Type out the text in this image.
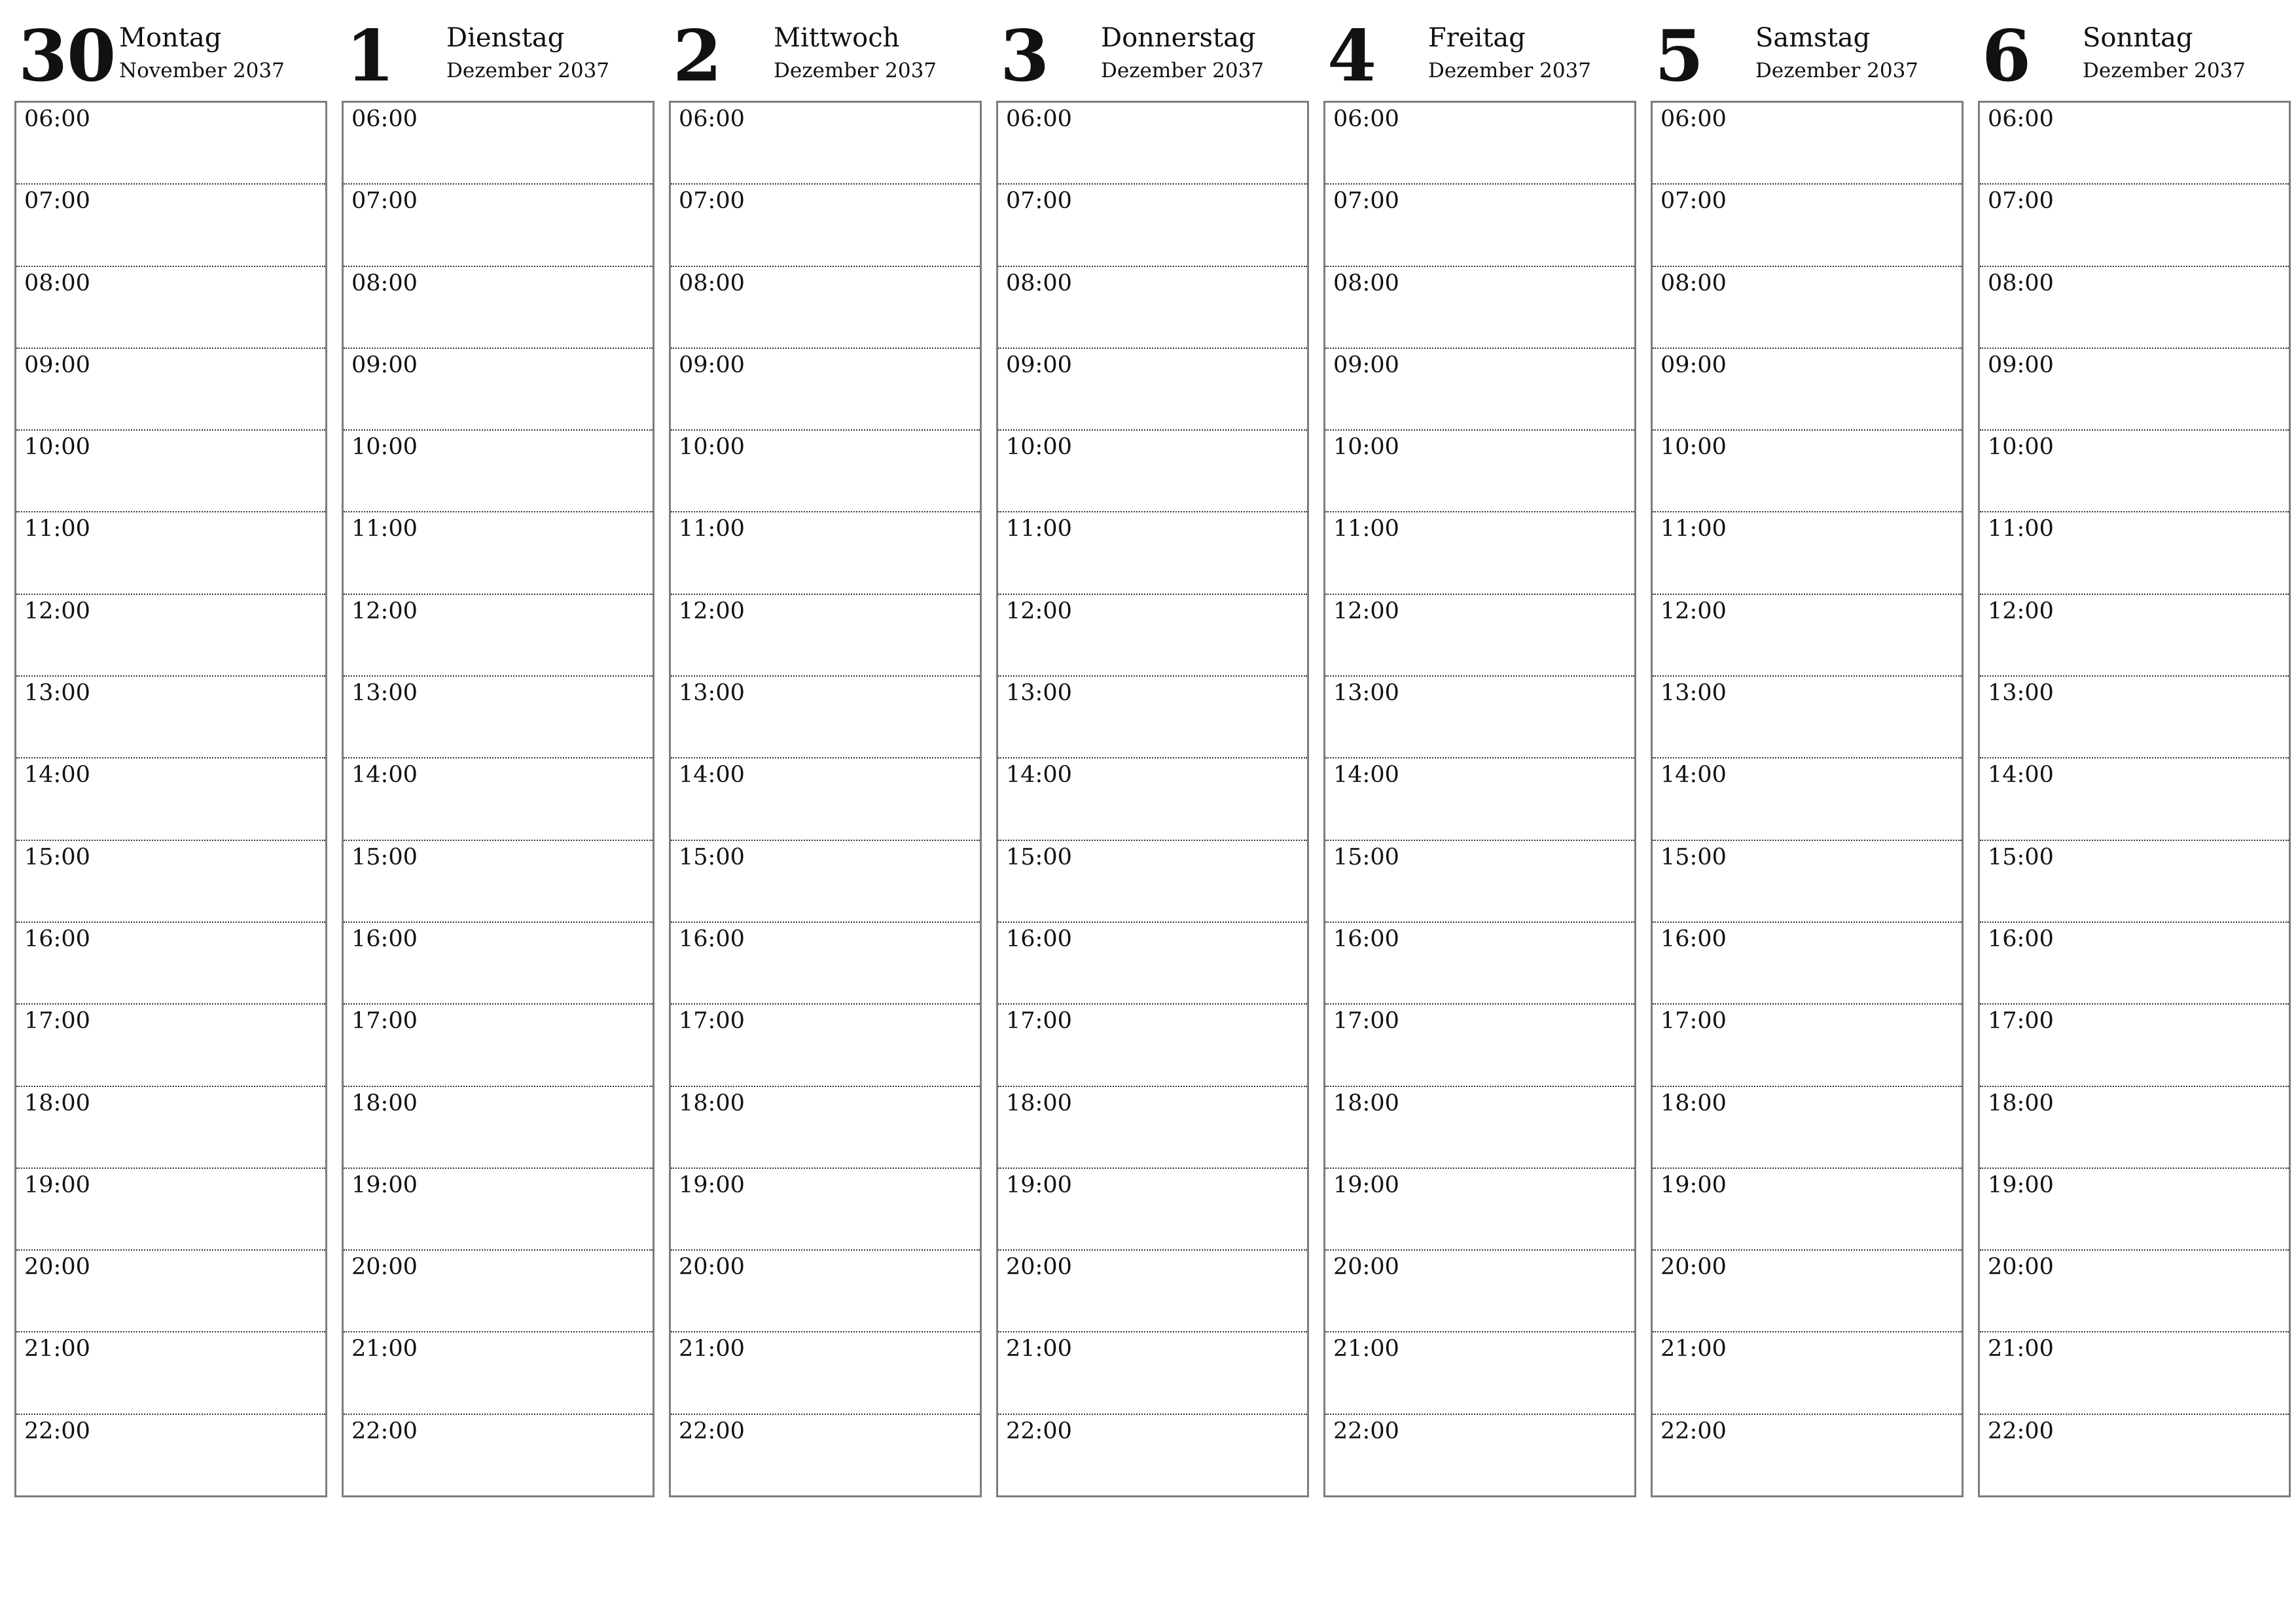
30 Montag
November 2037
06:00
07:00
08:00
09:00
10:00
11:00
12:00
13:00
14:00
15:00
16:00
17:00
18:00
19:00
20:00
21:00
22:00
1 Dienstag
Dezember 2037
06:00
07:00
08:00
09:00
10:00
11:00
12:00
13:00
14:00
15:00
16:00
17:00
18:00
19:00
20:00
21:00
22:00
2 Mittwoch
Dezember 2037
06:00
07:00
08:00
09:00
10:00
11:00
12:00
13:00
14:00
15:00
16:00
17:00
18:00
19:00
20:00
21:00
22:00
3 Donnerstag
Dezember 2037
06:00
07:00
08:00
09:00
10:00
11:00
12:00
13:00
14:00
15:00
16:00
17:00
18:00
19:00
20:00
21:00
22:00
4 Freitag
Dezember 2037
06:00
07:00
08:00
09:00
10:00
11:00
12:00
13:00
14:00
15:00
16:00
17:00
18:00
19:00
20:00
21:00
22:00
5 Samstag
Dezember 2037
06:00
07:00
08:00
09:00
10:00
11:00
12:00
13:00
14:00
15:00
16:00
17:00
18:00
19:00
20:00
21:00
22:00
6 Sonntag
Dezember 2037
06:00
07:00
08:00
09:00
10:00
11:00
12:00
13:00
14:00
15:00
16:00
17:00
18:00
19:00
20:00
21:00
22:00
